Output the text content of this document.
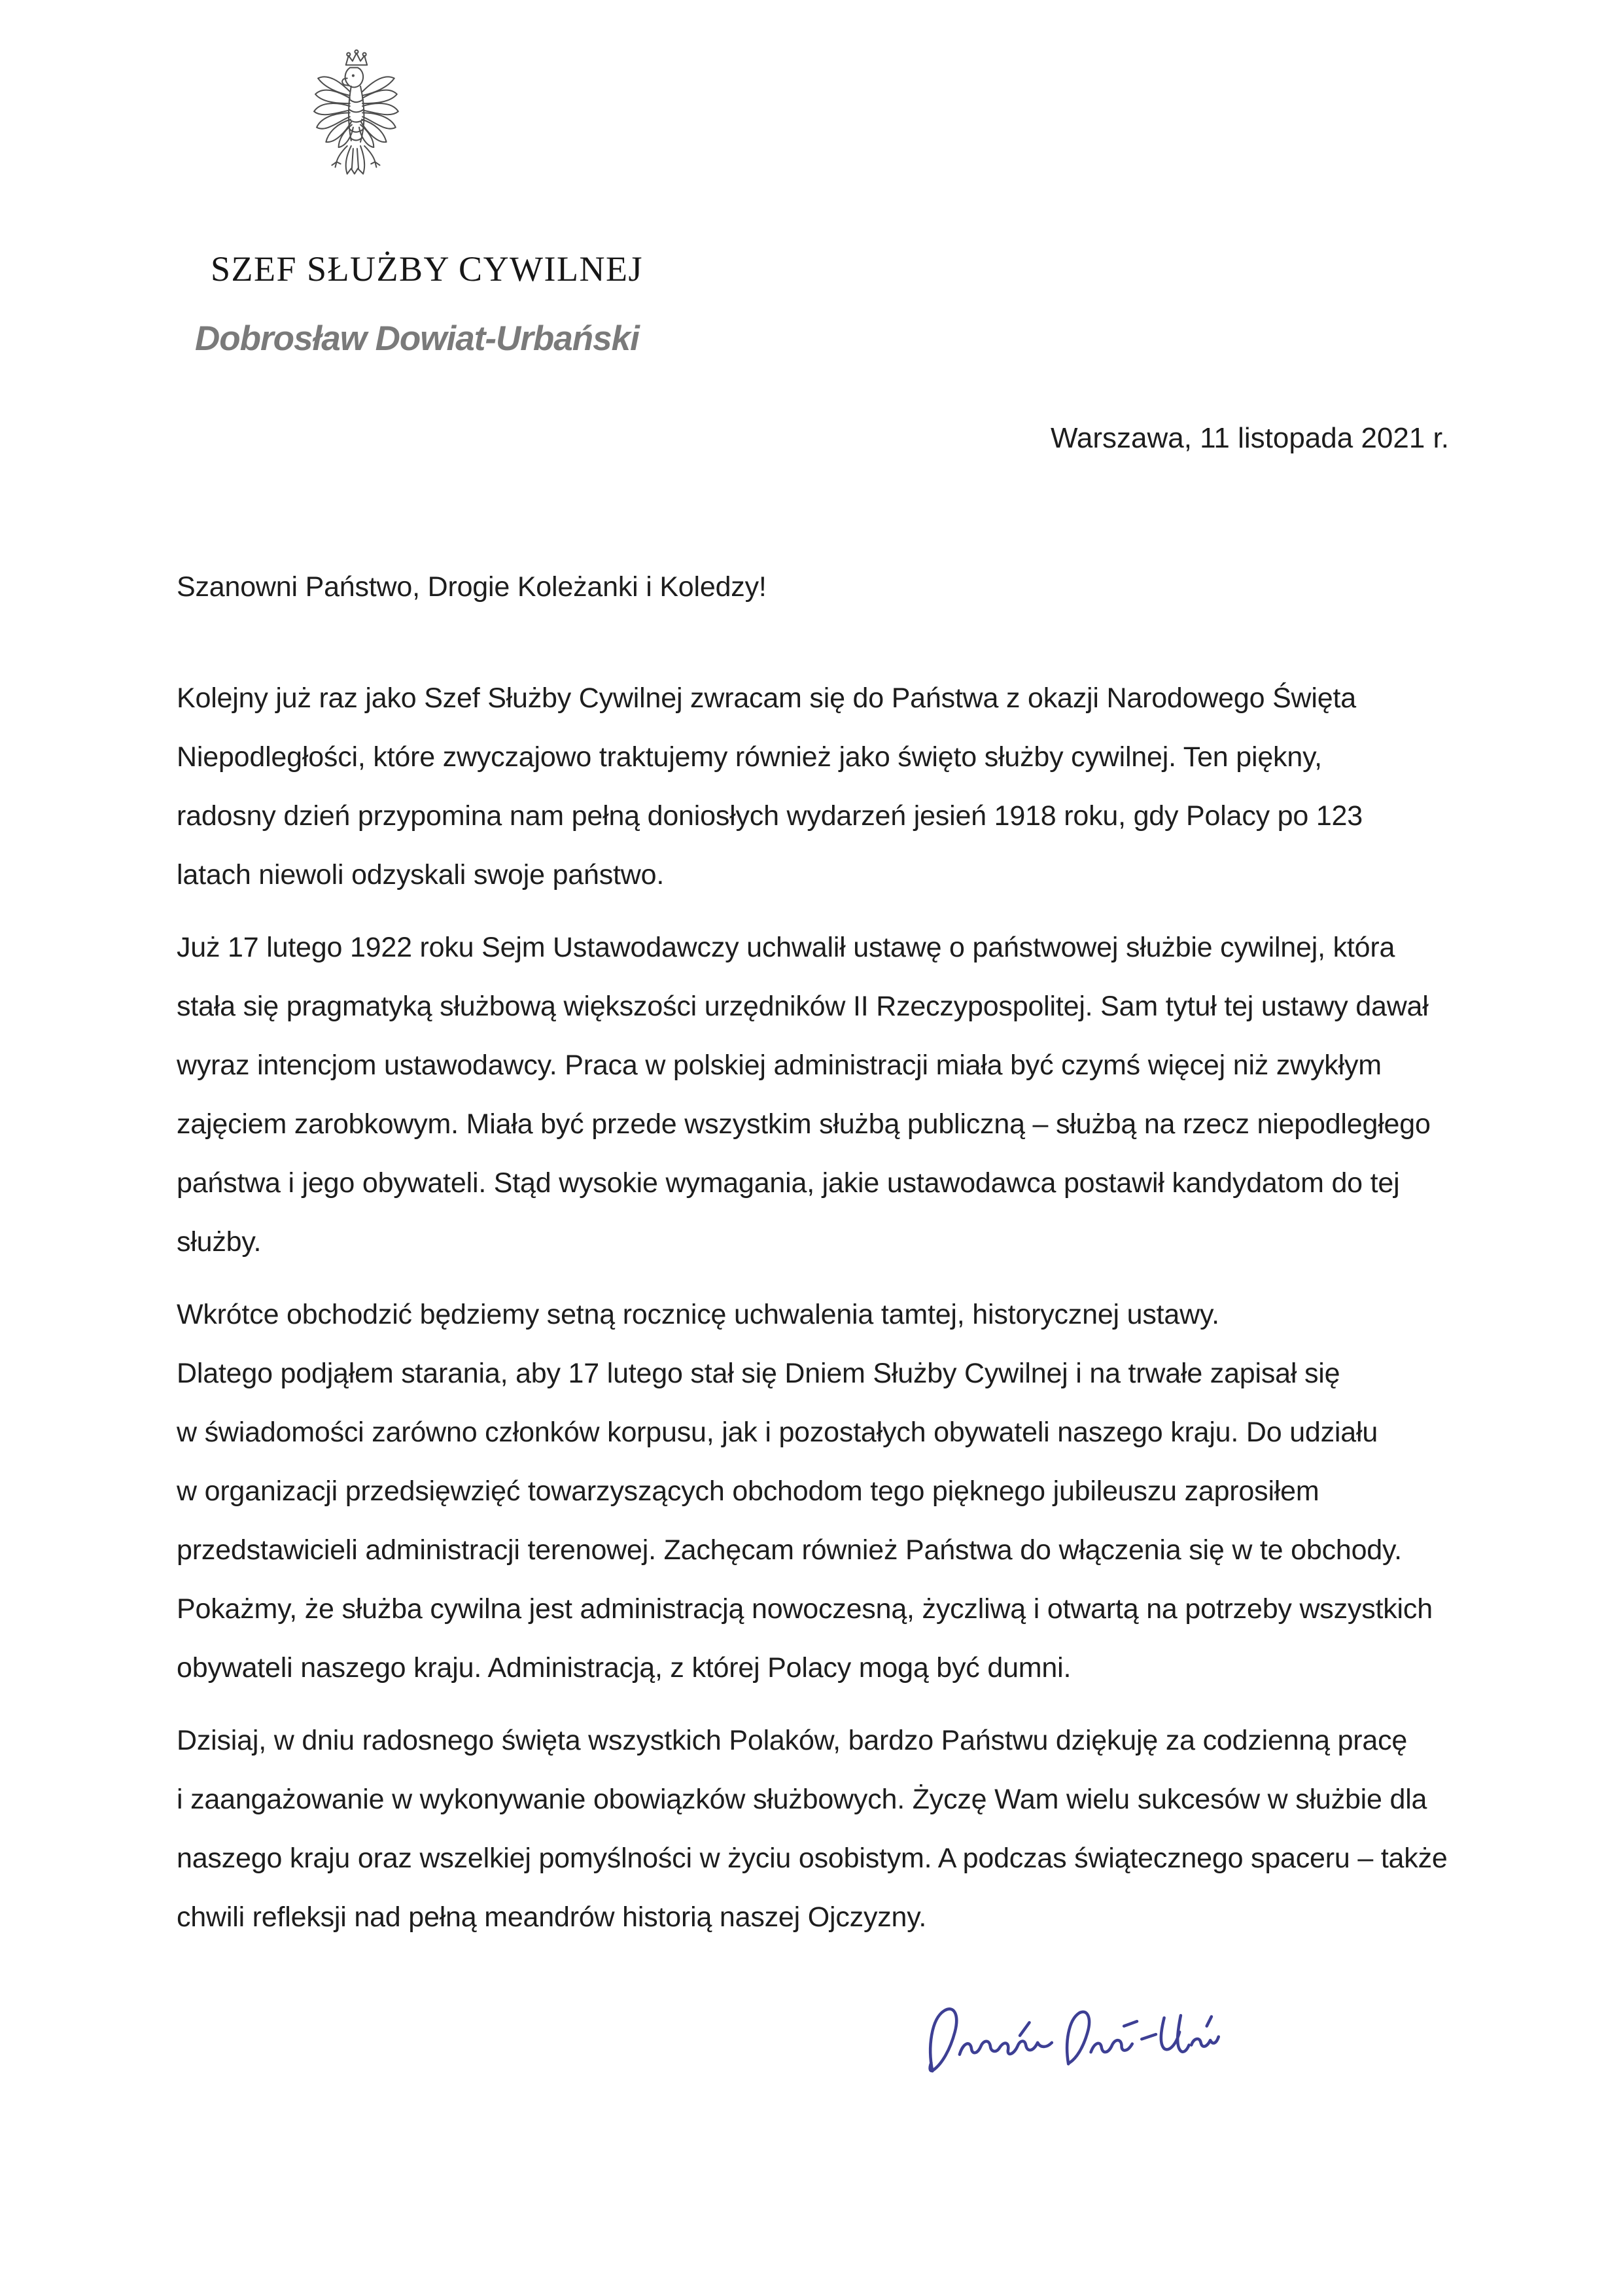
SZEF SŁUŻBY CYWILNEJ
Dobrosław Dowiat-Urbański
Warszawa, 11 listopada 2021 r.
Szanowni Państwo, Drogie Koleżanki i Koledzy!
Kolejny już raz jako Szef Służby Cywilnej zwracam się do Państwa z okazji Narodowego Święta
Niepodległości, które zwyczajowo traktujemy również jako święto służby cywilnej. Ten piękny,
radosny dzień przypomina nam pełną doniosłych wydarzeń jesień 1918 roku, gdy Polacy po 123
latach niewoli odzyskali swoje państwo.
Już 17 lutego 1922 roku Sejm Ustawodawczy uchwalił ustawę o państwowej służbie cywilnej, która
stała się pragmatyką służbową większości urzędników II Rzeczypospolitej. Sam tytuł tej ustawy dawał
wyraz intencjom ustawodawcy. Praca w polskiej administracji miała być czymś więcej niż zwykłym
zajęciem zarobkowym. Miała być przede wszystkim służbą publiczną – służbą na rzecz niepodległego
państwa i jego obywateli. Stąd wysokie wymagania, jakie ustawodawca postawił kandydatom do tej
służby.
Wkrótce obchodzić będziemy setną rocznicę uchwalenia tamtej, historycznej ustawy.
Dlatego podjąłem starania, aby 17 lutego stał się Dniem Służby Cywilnej i na trwałe zapisał się
w świadomości zarówno członków korpusu, jak i pozostałych obywateli naszego kraju. Do udziału
w organizacji przedsięwzięć towarzyszących obchodom tego pięknego jubileuszu zaprosiłem
przedstawicieli administracji terenowej. Zachęcam również Państwa do włączenia się w te obchody.
Pokażmy, że służba cywilna jest administracją nowoczesną, życzliwą i otwartą na potrzeby wszystkich
obywateli naszego kraju. Administracją, z której Polacy mogą być dumni.
Dzisiaj, w dniu radosnego święta wszystkich Polaków, bardzo Państwu dziękuję za codzienną pracę
i zaangażowanie w wykonywanie obowiązków służbowych. Życzę Wam wielu sukcesów w służbie dla
naszego kraju oraz wszelkiej pomyślności w życiu osobistym. A podczas świątecznego spaceru – także
chwili refleksji nad pełną meandrów historią naszej Ojczyzny.
